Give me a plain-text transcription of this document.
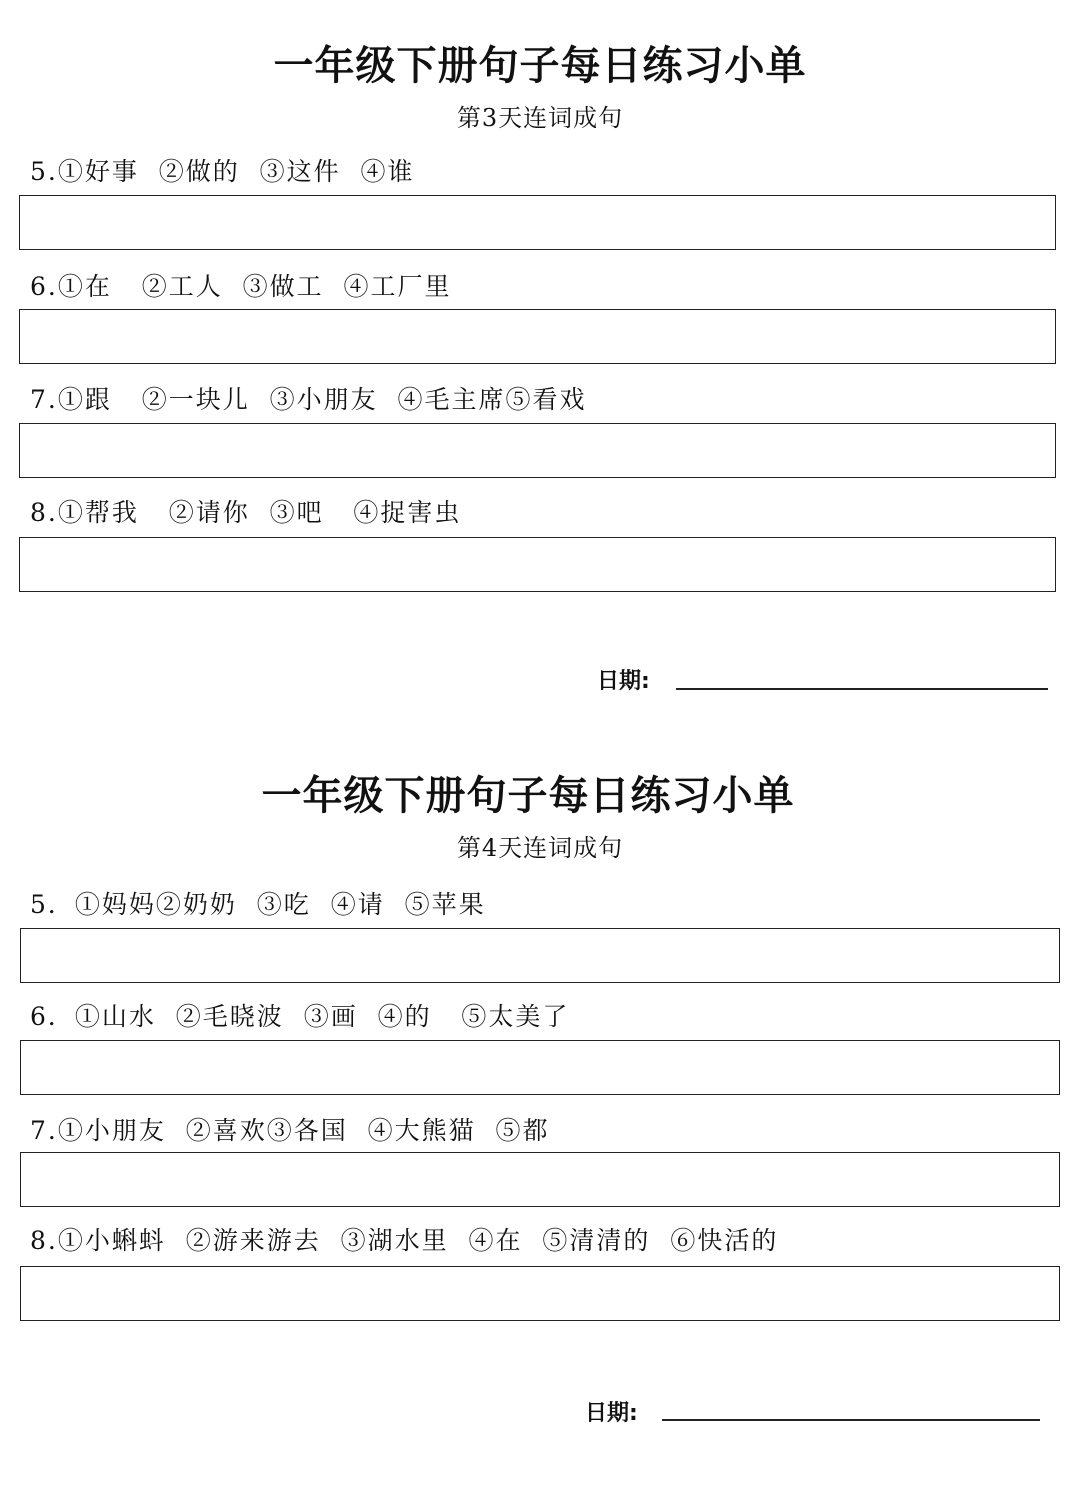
一年级下册句子每日练习小单
第3天连词成句

5.①好事  ②做的  ③这件  ④谁

6.①在   ②工人  ③做工  ④工厂里

7.①跟   ②一块儿  ③小朋友  ④毛主席⑤看戏

8.①帮我   ②请你  ③吧   ④捉害虫

日期:

一年级下册句子每日练习小单
第4天连词成句

5．①妈妈②奶奶  ③吃  ④请  ⑤苹果

6．①山水  ②毛晓波  ③画  ④的   ⑤太美了

7.①小朋友  ②喜欢③各国  ④大熊猫  ⑤都

8.①小蝌蚪  ②游来游去  ③湖水里  ④在  ⑤清清的  ⑥快活的

日期:
